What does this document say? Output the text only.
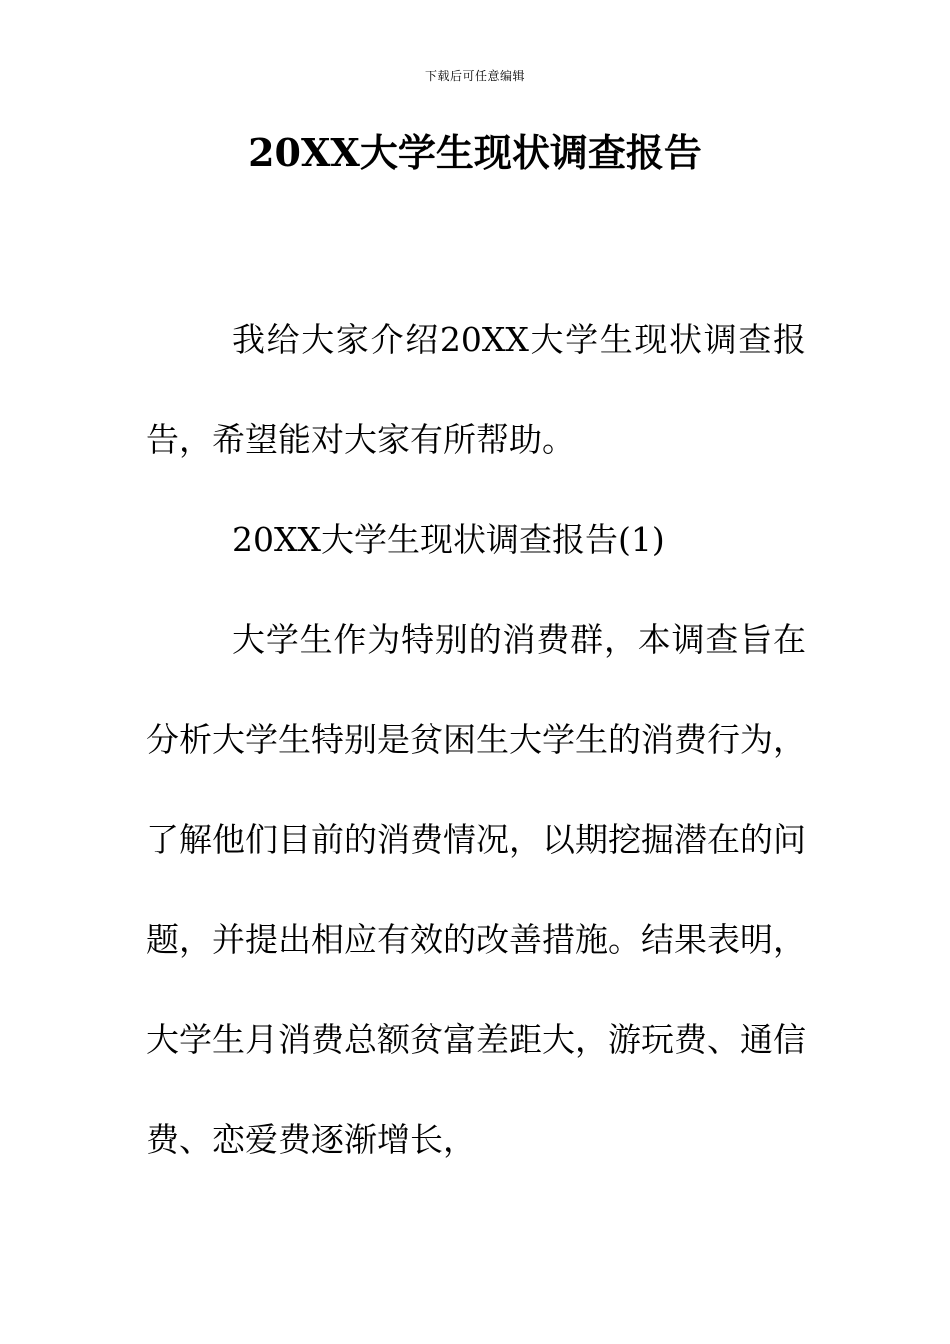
下载后可任意编辑
20XX大学生现状调查报告

我给大家介绍20XX大学生现状调查报告，希望能对大家有所帮助。

20XX大学生现状调查报告(1)

大学生作为特别的消费群，本调查旨在分析大学生特别是贫困生大学生的消费行为，了解他们目前的消费情况，以期挖掘潜在的问题，并提出相应有效的改善措施。结果表明，大学生月消费总额贫富差距大，游玩费、通信费、恋爱费逐渐增长，
